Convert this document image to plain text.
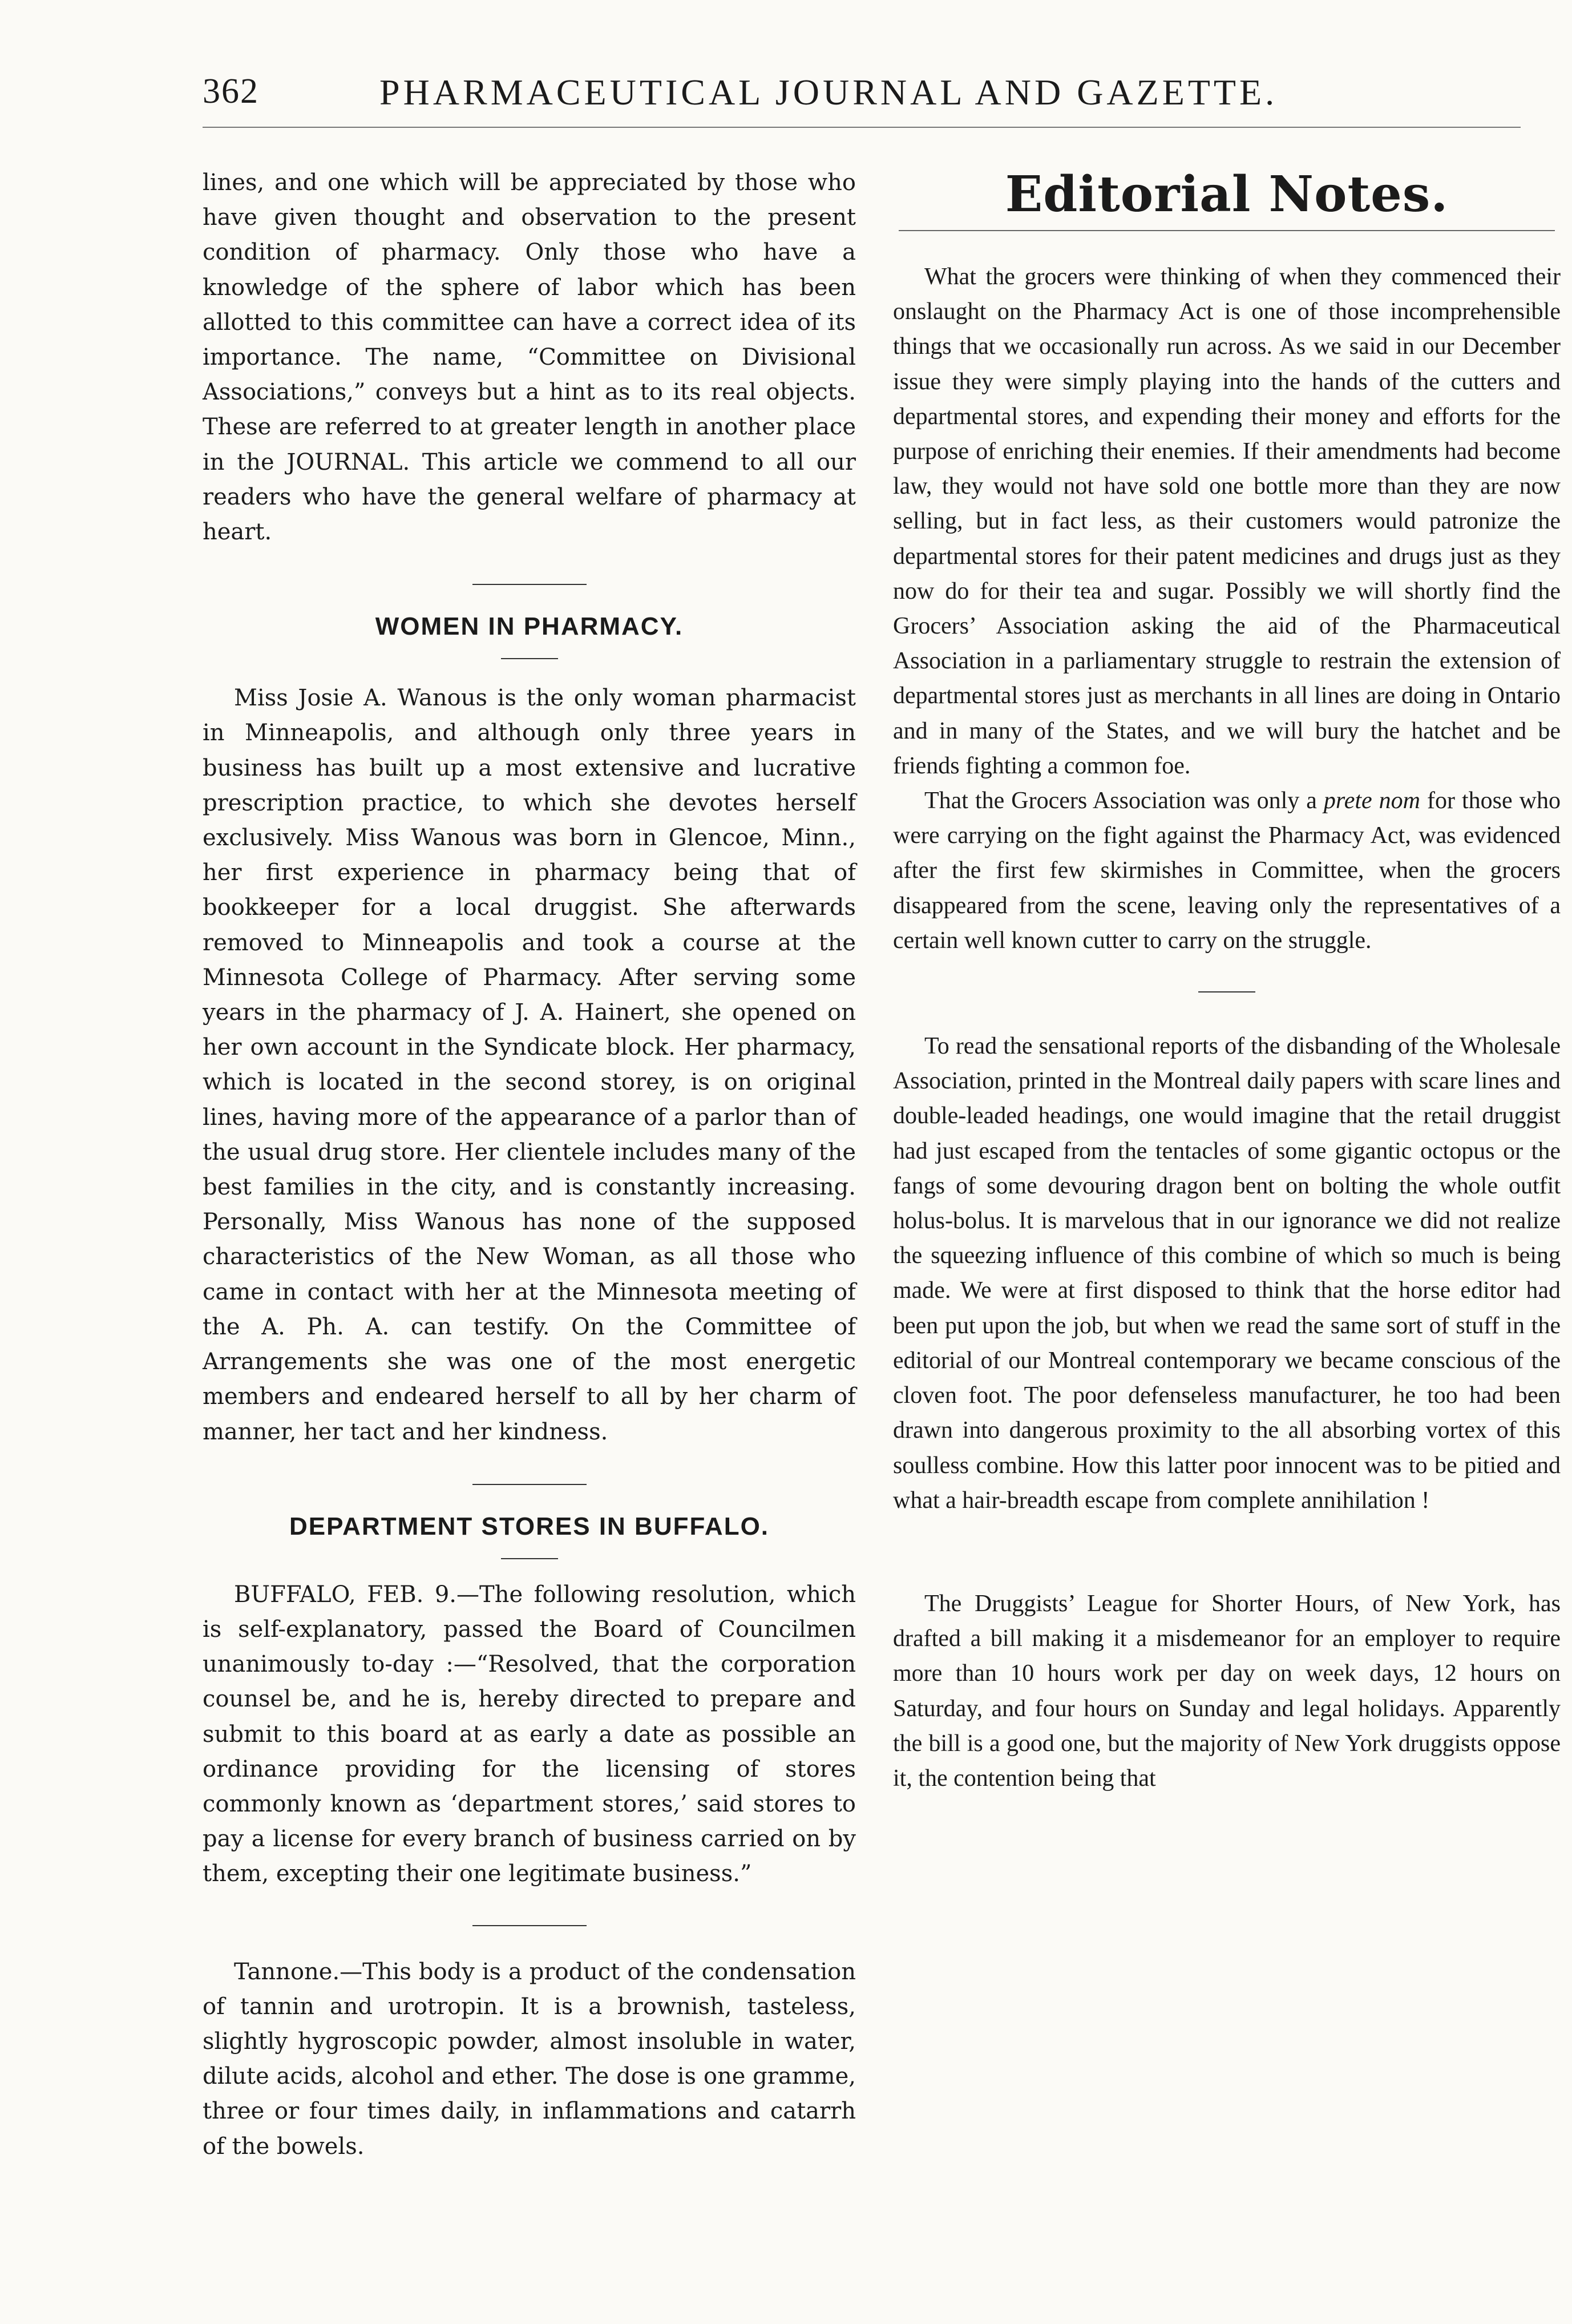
362	PHARMACEUTICAL JOURNAL AND GAZETTE.

lines, and one which will be appreciated by those who have given thought and observation to the present condition of pharmacy. Only those who have a knowledge of the sphere of labor which has been allotted to this committee can have a correct idea of its importance. The name, “Committee on Divisional Associations,” conveys but a hint as to its real objects. These are referred to at greater length in another place in the JOURNAL. This article we commend to all our readers who have the general welfare of pharmacy at heart.

WOMEN IN PHARMACY.

Miss Josie A. Wanous is the only woman pharmacist in Minneapolis, and although only three years in business has built up a most extensive and lucrative prescription practice, to which she devotes herself exclusively. Miss Wanous was born in Glencoe, Minn., her first experience in pharmacy being that of bookkeeper for a local druggist. She afterwards removed to Minneapolis and took a course at the Minnesota College of Pharmacy. After serving some years in the pharmacy of J. A. Hainert, she opened on her own account in the Syndicate block. Her pharmacy, which is located in the second storey, is on original lines, having more of the appearance of a parlor than of the usual drug store. Her clientele includes many of the best families in the city, and is constantly increasing. Personally, Miss Wanous has none of the supposed characteristics of the New Woman, as all those who came in contact with her at the Minnesota meeting of the A. Ph. A. can testify. On the Committee of Arrangements she was one of the most energetic members and endeared herself to all by her charm of manner, her tact and her kindness.

DEPARTMENT STORES IN BUFFALO.

BUFFALO, FEB. 9.—The following resolution, which is self-explanatory, passed the Board of Councilmen unanimously to-day :—“Resolved, that the corporation counsel be, and he is, hereby directed to prepare and submit to this board at as early a date as possible an ordinance providing for the licensing of stores commonly known as ‘department stores,’ said stores to pay a license for every branch of business carried on by them, excepting their one legitimate business.”

Tannone.—This body is a product of the condensation of tannin and urotropin. It is a brownish, tasteless, slightly hygroscopic powder, almost insoluble in water, dilute acids, alcohol and ether. The dose is one gramme, three or four times daily, in inflammations and catarrh of the bowels.

Editorial Notes.

What the grocers were thinking of when they commenced their onslaught on the Pharmacy Act is one of those incomprehensible things that we occasionally run across. As we said in our December issue they were simply playing into the hands of the cutters and departmental stores, and expending their money and efforts for the purpose of enriching their enemies. If their amendments had become law, they would not have sold one bottle more than they are now selling, but in fact less, as their customers would patronize the departmental stores for their patent medicines and drugs just as they now do for their tea and sugar. Possibly we will shortly find the Grocers’ Association asking the aid of the Pharmaceutical Association in a parliamentary struggle to restrain the extension of departmental stores just as merchants in all lines are doing in Ontario and in many of the States, and we will bury the hatchet and be friends fighting a common foe.

That the Grocers Association was only a prete nom for those who were carrying on the fight against the Pharmacy Act, was evidenced after the first few skirmishes in Committee, when the grocers disappeared from the scene, leaving only the representatives of a certain well known cutter to carry on the struggle.

To read the sensational reports of the disbanding of the Wholesale Association, printed in the Montreal daily papers with scare lines and double-leaded headings, one would imagine that the retail druggist had just escaped from the tentacles of some gigantic octopus or the fangs of some devouring dragon bent on bolting the whole outfit holus-bolus. It is marvelous that in our ignorance we did not realize the squeezing influence of this combine of which so much is being made. We were at first disposed to think that the horse editor had been put upon the job, but when we read the same sort of stuff in the editorial of our Montreal contemporary we became conscious of the cloven foot. The poor defenseless manufacturer, he too had been drawn into dangerous proximity to the all absorbing vortex of this soulless combine. How this latter poor innocent was to be pitied and what a hair-breadth escape from complete annihilation !

The Druggists’ League for Shorter Hours, of New York, has drafted a bill making it a misdemeanor for an employer to require more than 10 hours work per day on week days, 12 hours on Saturday, and four hours on Sunday and legal holidays. Apparently the bill is a good one, but the majority of New York druggists oppose it, the contention being that
